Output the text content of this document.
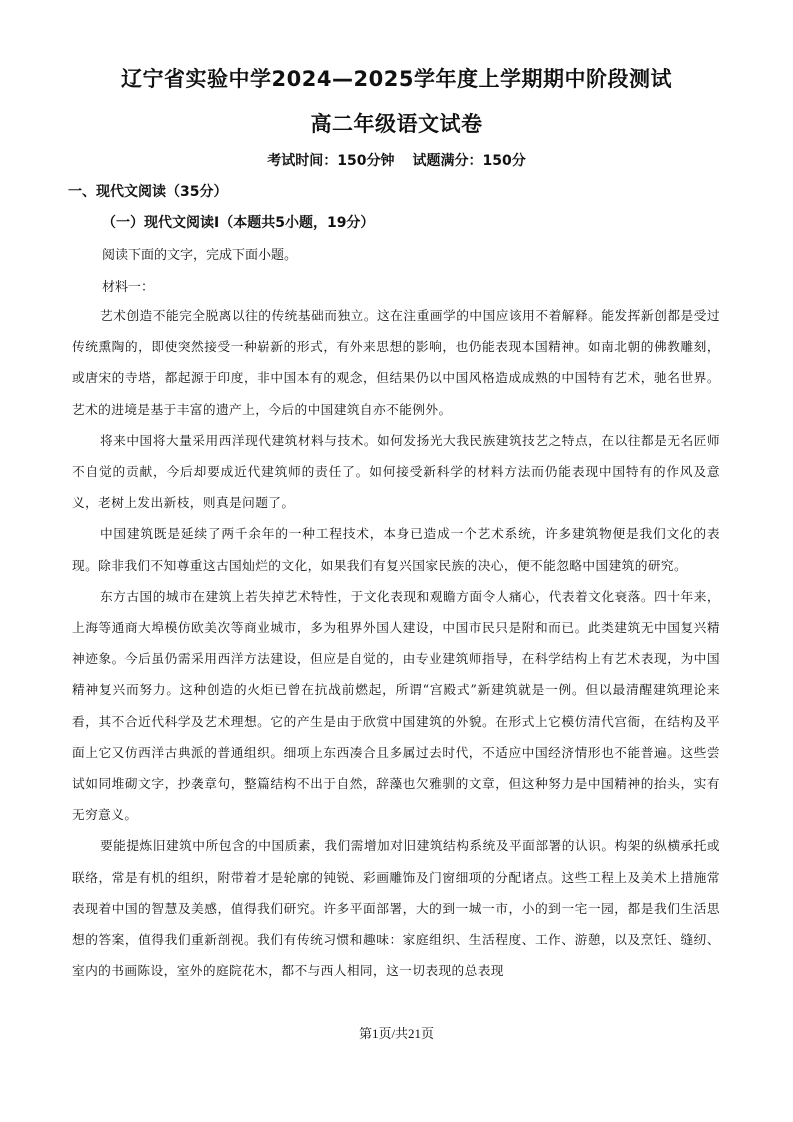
辽宁省实验中学2024—2025学年度上学期期中阶段测试
高二年级语文试卷
考试时间：150分钟 试题满分：150分
一、现代文阅读（35分）
（一）现代文阅读Ⅰ（本题共5小题，19分）
阅读下面的文字，完成下面小题。
材料一：

艺术创造不能完全脱离以往的传统基础而独立。这在注重画学的中国应该用不着解释。能发挥新创都是受过传统熏陶的，即使突然接受一种崭新的形式，有外来思想的影响，也仍能表现本国精神。如南北朝的佛教雕刻，或唐宋的寺塔，都起源于印度，非中国本有的观念，但结果仍以中国风格造成成熟的中国特有艺术，驰名世界。艺术的进境是基于丰富的遗产上，今后的中国建筑自亦不能例外。

将来中国将大量采用西洋现代建筑材料与技术。如何发扬光大我民族建筑技艺之特点，在以往都是无名匠师不自觉的贡献，今后却要成近代建筑师的责任了。如何接受新科学的材料方法而仍能表现中国特有的作风及意义，老树上发出新枝，则真是问题了。

中国建筑既是延续了两千余年的一种工程技术，本身已造成一个艺术系统，许多建筑物便是我们文化的表现。除非我们不知尊重这古国灿烂的文化，如果我们有复兴国家民族的决心，便不能忽略中国建筑的研究。

东方古国的城市在建筑上若失掉艺术特性，于文化表现和观瞻方面令人痛心，代表着文化衰落。四十年来，上海等通商大埠模仿欧美次等商业城市，多为租界外国人建设，中国市民只是附和而已。此类建筑无中国复兴精神迹象。今后虽仍需采用西洋方法建设，但应是自觉的，由专业建筑师指导，在科学结构上有艺术表现，为中国精神复兴而努力。这种创造的火炬已曾在抗战前燃起，所谓“宫殿式”新建筑就是一例。但以最清醒建筑理论来看，其不合近代科学及艺术理想。它的产生是由于欣赏中国建筑的外貌。在形式上它模仿清代宫衙，在结构及平面上它又仿西洋古典派的普通组织。细项上东西凑合且多属过去时代，不适应中国经济情形也不能普遍。这些尝试如同堆砌文字，抄袭章句，整篇结构不出于自然，辞藻也欠雅驯的文章，但这种努力是中国精神的抬头，实有无穷意义。

要能提炼旧建筑中所包含的中国质素，我们需增加对旧建筑结构系统及平面部署的认识。构架的纵横承托或联络，常是有机的组织，附带着才是轮廓的钝锐、彩画雕饰及门窗细项的分配诸点。这些工程上及美术上措施常表现着中国的智慧及美感，值得我们研究。许多平面部署，大的到一城一市，小的到一宅一园，都是我们生活思想的答案，值得我们重新剖视。我们有传统习惯和趣味：家庭组织、生活程度、工作、游憩，以及烹饪、缝纫、室内的书画陈设，室外的庭院花木，都不与西人相同，这一切表现的总表现

第1页/共21页
